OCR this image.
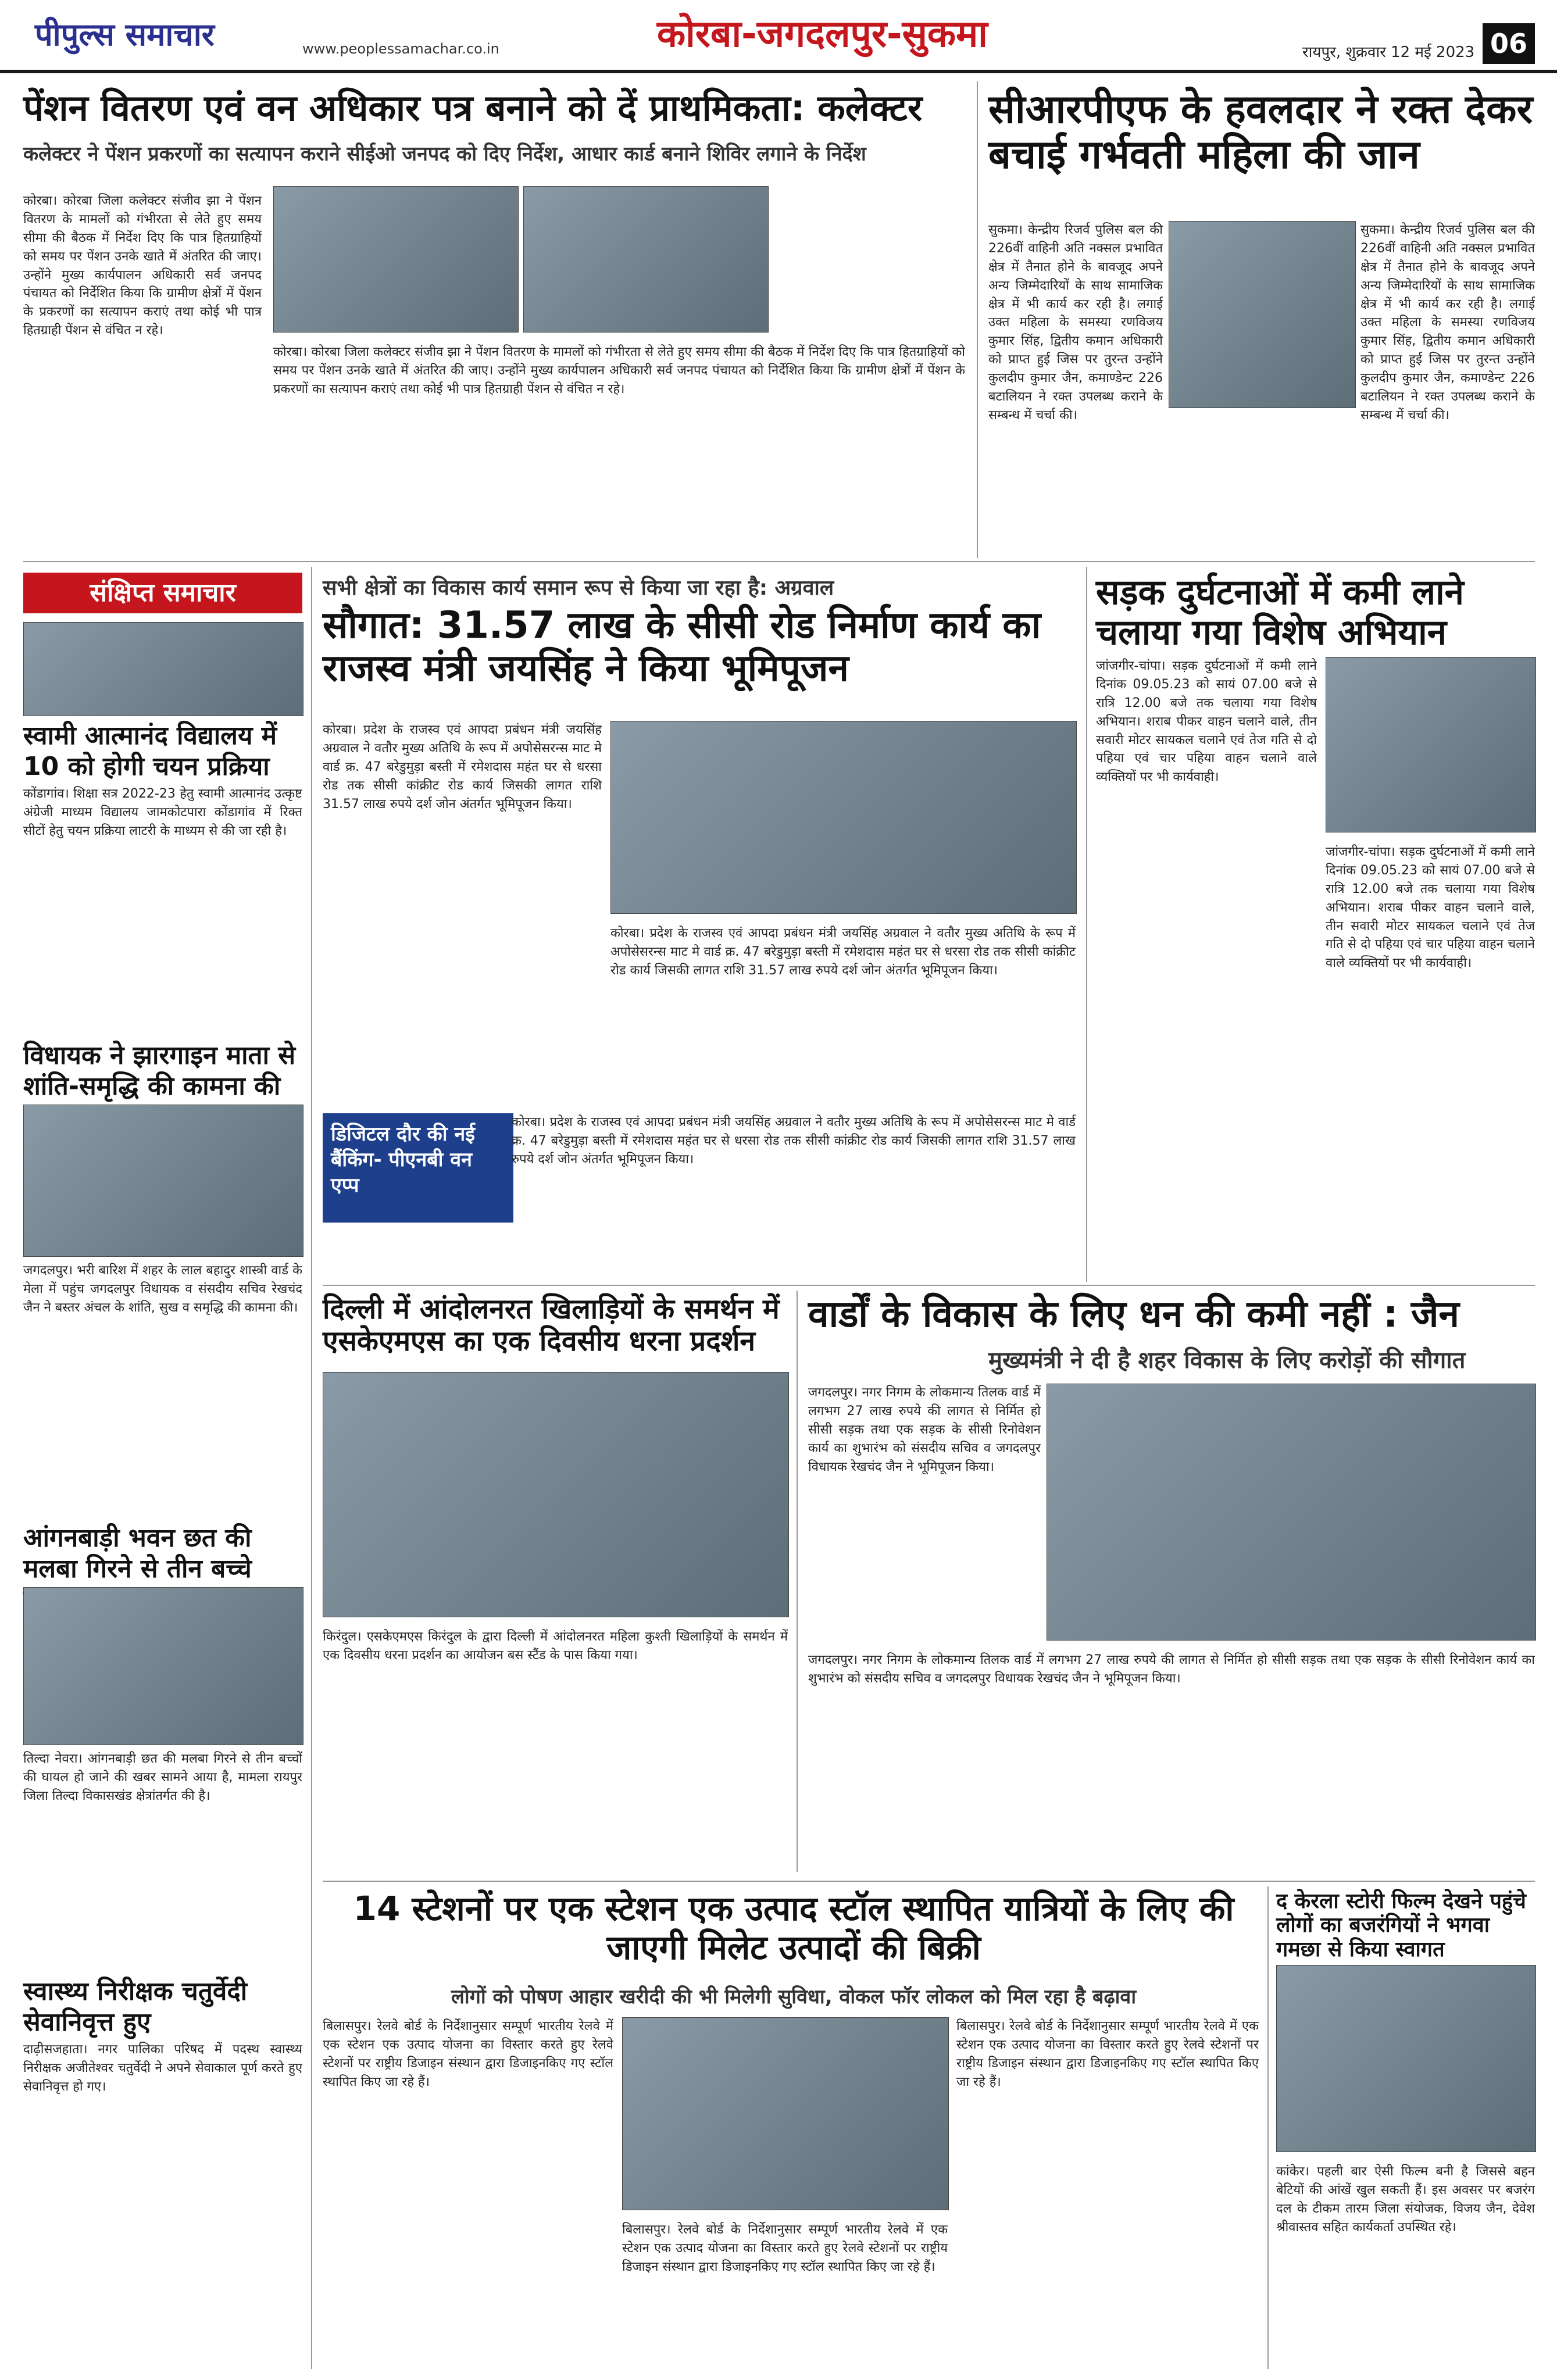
पीपुल्स समाचार	www.peoplessamachar.co.in	कोरबा-जगदलपुर-सुकमा	रायपुर, शुक्रवार 12 मई 2023 06
पेंशन वितरण एवं वन अधिकार पत्र बनाने को दें प्राथमिकता: कलेक्टर
कलेक्टर ने पेंशन प्रकरणों का सत्यापन कराने सीईओ जनपद को दिए निर्देश, आधार कार्ड बनाने शिविर लगाने के निर्देश
कोरबा। कोरबा जिला कलेक्टर संजीव झा ने पेंशन वितरण के मामलों को गंभीरता से लेते हुए समय सीमा की बैठक में निर्देश दिए कि पात्र हितग्राहियों को समय पर पेंशन उनके खाते में अंतरित की जाए। उन्होंने मुख्य कार्यपालन अधिकारी सर्व जनपद पंचायत को निर्देशित किया कि ग्रामीण क्षेत्रों में पेंशन के प्रकरणों का सत्यापन कराएं तथा कोई भी पात्र हितग्राही पेंशन से वंचित न रहे।
कोरबा। कोरबा जिला कलेक्टर संजीव झा ने पेंशन वितरण के मामलों को गंभीरता से लेते हुए समय सीमा की बैठक में निर्देश दिए कि पात्र हितग्राहियों को समय पर पेंशन उनके खाते में अंतरित की जाए। उन्होंने मुख्य कार्यपालन अधिकारी सर्व जनपद पंचायत को निर्देशित किया कि ग्रामीण क्षेत्रों में पेंशन के प्रकरणों का सत्यापन कराएं तथा कोई भी पात्र हितग्राही पेंशन से वंचित न रहे।
सीआरपीएफ के हवलदार ने रक्त देकर बचाई गर्भवती महिला की जान
सुकमा। केन्द्रीय रिजर्व पुलिस बल की 226वीं वाहिनी अति नक्सल प्रभावित क्षेत्र में तैनात होने के बावजूद अपने अन्य जिम्मेदारियों के साथ सामाजिक क्षेत्र में भी कार्य कर रही है। लगाई उक्त महिला के समस्या रणविजय कुमार सिंह, द्वितीय कमान अधिकारी को प्राप्त हुई जिस पर तुरन्त उन्होंने कुलदीप कुमार जैन, कमाण्डेन्ट 226 बटालियन ने रक्त उपलब्ध कराने के सम्बन्ध में चर्चा की।
सुकमा। केन्द्रीय रिजर्व पुलिस बल की 226वीं वाहिनी अति नक्सल प्रभावित क्षेत्र में तैनात होने के बावजूद अपने अन्य जिम्मेदारियों के साथ सामाजिक क्षेत्र में भी कार्य कर रही है। लगाई उक्त महिला के समस्या रणविजय कुमार सिंह, द्वितीय कमान अधिकारी को प्राप्त हुई जिस पर तुरन्त उन्होंने कुलदीप कुमार जैन, कमाण्डेन्ट 226 बटालियन ने रक्त उपलब्ध कराने के सम्बन्ध में चर्चा की।
संक्षिप्त समाचार
स्वामी आत्मानंद विद्यालय में 10 को होगी चयन प्रक्रिया
कोंडागांव। शिक्षा सत्र 2022-23 हेतु स्वामी आत्मानंद उत्कृष्ट अंग्रेजी माध्यम विद्यालय जामकोटपारा कोंडागांव में रिक्त सीटों हेतु चयन प्रक्रिया लाटरी के माध्यम से की जा रही है।
विधायक ने झारगाइन माता से शांति-समृद्धि की कामना की
जगदलपुर। भरी बारिश में शहर के लाल बहादुर शास्त्री वार्ड के मेला में पहुंच जगदलपुर विधायक व संसदीय सचिव रेखचंद जैन ने बस्तर अंचल के शांति, सुख व समृद्धि की कामना की।
आंगनबाड़ी भवन छत की मलबा गिरने से तीन बच्चे
तिल्दा नेवरा। आंगनबाड़ी छत की मलबा गिरने से तीन बच्चों की घायल हो जाने की खबर सामने आया है, मामला रायपुर जिला तिल्दा विकासखंड क्षेत्रांतर्गत की है।
स्वास्थ्य निरीक्षक चतुर्वेदी सेवानिवृत्त हुए
दाढ़ीसजहाता। नगर पालिका परिषद में पदस्थ स्वास्थ्य निरीक्षक अजीतेश्वर चतुर्वेदी ने अपने सेवाकाल पूर्ण करते हुए सेवानिवृत्त हो गए।
सभी क्षेत्रों का विकास कार्य समान रूप से किया जा रहा है: अग्रवाल
सौगात: 31.57 लाख के सीसी रोड निर्माण कार्य का राजस्व मंत्री जयसिंह ने किया भूमिपूजन
कोरबा। प्रदेश के राजस्व एवं आपदा प्रबंधन मंत्री जयसिंह अग्रवाल ने वतौर मुख्य अतिथि के रूप में अपोसेसरन्स माट मे वार्ड क्र. 47 बरेडुमुड़ा बस्ती में रमेशदास महंत घर से धरसा रोड तक सीसी कांक्रीट रोड कार्य जिसकी लागत राशि 31.57 लाख रुपये दर्श जोन अंतर्गत भूमिपूजन किया।
कोरबा। प्रदेश के राजस्व एवं आपदा प्रबंधन मंत्री जयसिंह अग्रवाल ने वतौर मुख्य अतिथि के रूप में अपोसेसरन्स माट मे वार्ड क्र. 47 बरेडुमुड़ा बस्ती में रमेशदास महंत घर से धरसा रोड तक सीसी कांक्रीट रोड कार्य जिसकी लागत राशि 31.57 लाख रुपये दर्श जोन अंतर्गत भूमिपूजन किया।
डिजिटल दौर की नई बैंकिंग- पीएनबी वन एप्प
कोरबा। प्रदेश के राजस्व एवं आपदा प्रबंधन मंत्री जयसिंह अग्रवाल ने वतौर मुख्य अतिथि के रूप में अपोसेसरन्स माट मे वार्ड क्र. 47 बरेडुमुड़ा बस्ती में रमेशदास महंत घर से धरसा रोड तक सीसी कांक्रीट रोड कार्य जिसकी लागत राशि 31.57 लाख रुपये दर्श जोन अंतर्गत भूमिपूजन किया।
सड़क दुर्घटनाओं में कमी लाने चलाया गया विशेष अभियान
जांजगीर-चांपा। सड़क दुर्घटनाओं में कमी लाने दिनांक 09.05.23 को सायं 07.00 बजे से रात्रि 12.00 बजे तक चलाया गया विशेष अभियान। शराब पीकर वाहन चलाने वाले, तीन सवारी मोटर सायकल चलाने एवं तेज गति से दो पहिया एवं चार पहिया वाहन चलाने वाले व्यक्तियों पर भी कार्यवाही।
जांजगीर-चांपा। सड़क दुर्घटनाओं में कमी लाने दिनांक 09.05.23 को सायं 07.00 बजे से रात्रि 12.00 बजे तक चलाया गया विशेष अभियान। शराब पीकर वाहन चलाने वाले, तीन सवारी मोटर सायकल चलाने एवं तेज गति से दो पहिया एवं चार पहिया वाहन चलाने वाले व्यक्तियों पर भी कार्यवाही।
दिल्ली में आंदोलनरत खिलाड़ियों के समर्थन में एसकेएमएस का एक दिवसीय धरना प्रदर्शन
किरंदुल। एसकेएमएस किरंदुल के द्वारा दिल्ली में आंदोलनरत महिला कुश्ती खिलाड़ियों के समर्थन में एक दिवसीय धरना प्रदर्शन का आयोजन बस स्टैंड के पास किया गया।
वार्डों के विकास के लिए धन की कमी नहीं : जैन
मुख्यमंत्री ने दी है शहर विकास के लिए करोड़ों की सौगात
जगदलपुर। नगर निगम के लोकमान्य तिलक वार्ड में लगभग 27 लाख रुपये की लागत से निर्मित हो सीसी सड़क तथा एक सड़क के सीसी रिनोवेशन कार्य का शुभारंभ को संसदीय सचिव व जगदलपुर विधायक रेखचंद जैन ने भूमिपूजन किया।
जगदलपुर। नगर निगम के लोकमान्य तिलक वार्ड में लगभग 27 लाख रुपये की लागत से निर्मित हो सीसी सड़क तथा एक सड़क के सीसी रिनोवेशन कार्य का शुभारंभ को संसदीय सचिव व जगदलपुर विधायक रेखचंद जैन ने भूमिपूजन किया।
14 स्टेशनों पर एक स्टेशन एक उत्पाद स्टॉल स्थापित यात्रियों के लिए की जाएगी मिलेट उत्पादों की बिक्री
लोगों को पोषण आहार खरीदी की भी मिलेगी सुविधा, वोकल फॉर लोकल को मिल रहा है बढ़ावा
बिलासपुर। रेलवे बोर्ड के निर्देशानुसार सम्पूर्ण भारतीय रेलवे में एक स्टेशन एक उत्पाद योजना का विस्तार करते हुए रेलवे स्टेशनों पर राष्ट्रीय डिजाइन संस्थान द्वारा डिजाइनकिए गए स्टॉल स्थापित किए जा रहे हैं।
बिलासपुर। रेलवे बोर्ड के निर्देशानुसार सम्पूर्ण भारतीय रेलवे में एक स्टेशन एक उत्पाद योजना का विस्तार करते हुए रेलवे स्टेशनों पर राष्ट्रीय डिजाइन संस्थान द्वारा डिजाइनकिए गए स्टॉल स्थापित किए जा रहे हैं।
बिलासपुर। रेलवे बोर्ड के निर्देशानुसार सम्पूर्ण भारतीय रेलवे में एक स्टेशन एक उत्पाद योजना का विस्तार करते हुए रेलवे स्टेशनों पर राष्ट्रीय डिजाइन संस्थान द्वारा डिजाइनकिए गए स्टॉल स्थापित किए जा रहे हैं।
द केरला स्टोरी फिल्म देखने पहुंचे लोगों का बजरंगियों ने भगवा गमछा से किया स्वागत
कांकेर। पहली बार ऐसी फिल्म बनी है जिससे बहन बेटियों की आंखें खुल सकती हैं। इस अवसर पर बजरंग दल के टीकम तारम जिला संयोजक, विजय जैन, देवेश श्रीवास्तव सहित कार्यकर्ता उपस्थित रहे।
